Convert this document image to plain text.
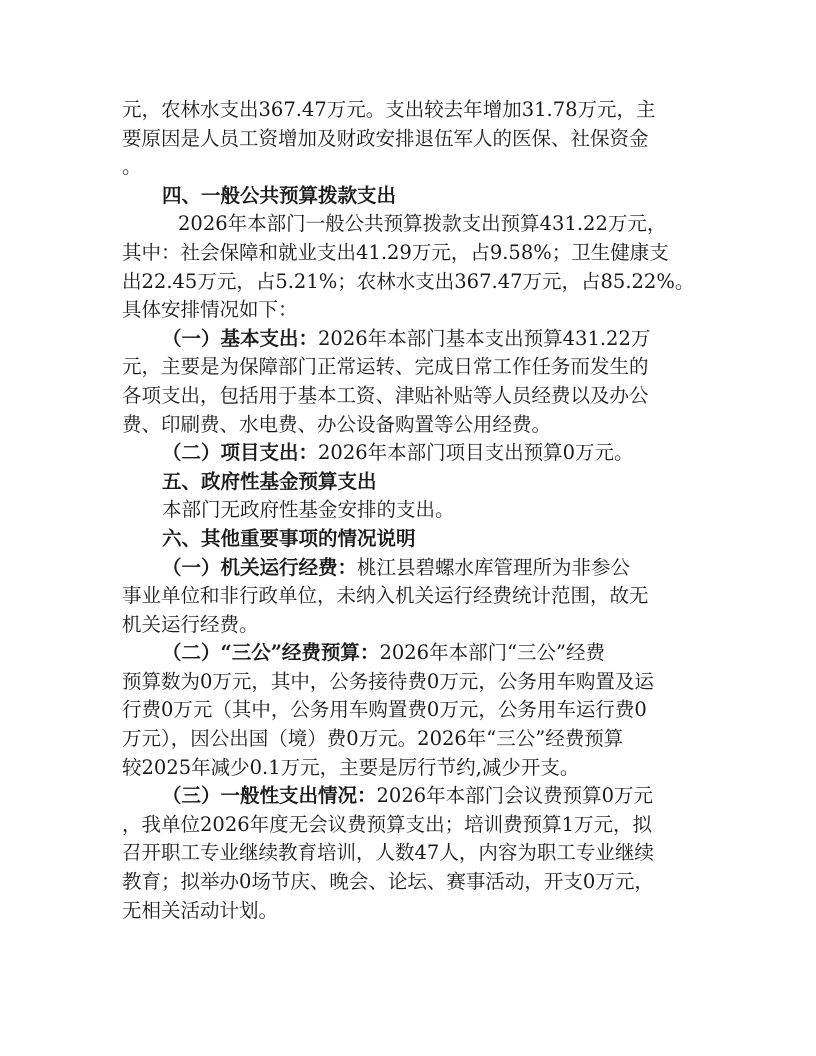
元，农林水支出367.47万元。支出较去年增加31.78万元，主
要原因是人员工资增加及财政安排退伍军人的医保、社保资金
。
四、一般公共预算拨款支出
2026年本部门一般公共预算拨款支出预算431.22万元，
其中：社会保障和就业支出41.29万元，占9.58%；卫生健康支
出22.45万元，占5.21%；农林水支出367.47万元，占85.22%。
具体安排情况如下：
（一）基本支出：2026年本部门基本支出预算431.22万
元，主要是为保障部门正常运转、完成日常工作任务而发生的
各项支出，包括用于基本工资、津贴补贴等人员经费以及办公
费、印刷费、水电费、办公设备购置等公用经费。
（二）项目支出：2026年本部门项目支出预算0万元。
五、政府性基金预算支出
本部门无政府性基金安排的支出。
六、其他重要事项的情况说明
（一）机关运行经费：桃江县碧螺水库管理所为非参公
事业单位和非行政单位，未纳入机关运行经费统计范围，故无
机关运行经费。
（二）“三公”经费预算：2026年本部门“三公”经费
预算数为0万元，其中，公务接待费0万元，公务用车购置及运
行费0万元（其中，公务用车购置费0万元，公务用车运行费0
万元），因公出国（境）费0万元。2026年“三公”经费预算
较2025年减少0.1万元，主要是厉行节约,减少开支。
（三）一般性支出情况：2026年本部门会议费预算0万元
，我单位2026年度无会议费预算支出；培训费预算1万元，拟
召开职工专业继续教育培训，人数47人，内容为职工专业继续
教育；拟举办0场节庆、晚会、论坛、赛事活动，开支0万元，
无相关活动计划。
